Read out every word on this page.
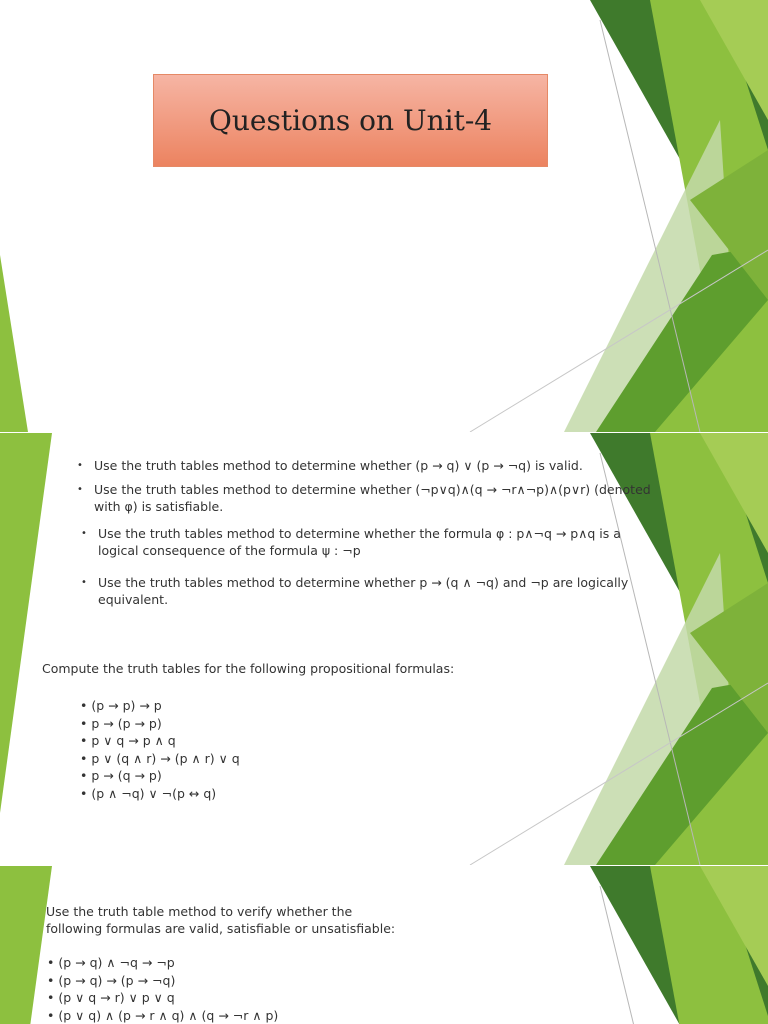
Questions on Unit-4
• Use the truth tables method to determine whether (p → q) ∨ (p → ¬q) is valid.
• Use the truth tables method to determine whether (¬p∨q)∧(q → ¬r∧¬p)∧(p∨r) (denoted with φ) is satisfiable.
• Use the truth tables method to determine whether the formula φ : p∧¬q → p∧q is a logical consequence of the formula ψ : ¬p
• Use the truth tables method to determine whether p → (q ∧ ¬q) and ¬p are logically equivalent.
Compute the truth tables for the following propositional formulas:
• (p → p) → p
• p → (p → p)
• p ∨ q → p ∧ q
• p ∨ (q ∧ r) → (p ∧ r) ∨ q
• p → (q → p)
• (p ∧ ¬q) ∨ ¬(p ↔ q)
Use the truth table method to verify whether the
following formulas are valid, satisfiable or unsatisfiable:
• (p → q) ∧ ¬q → ¬p
• (p → q) → (p → ¬q)
• (p ∨ q → r) ∨ p ∨ q
• (p ∨ q) ∧ (p → r ∧ q) ∧ (q → ¬r ∧ p)
